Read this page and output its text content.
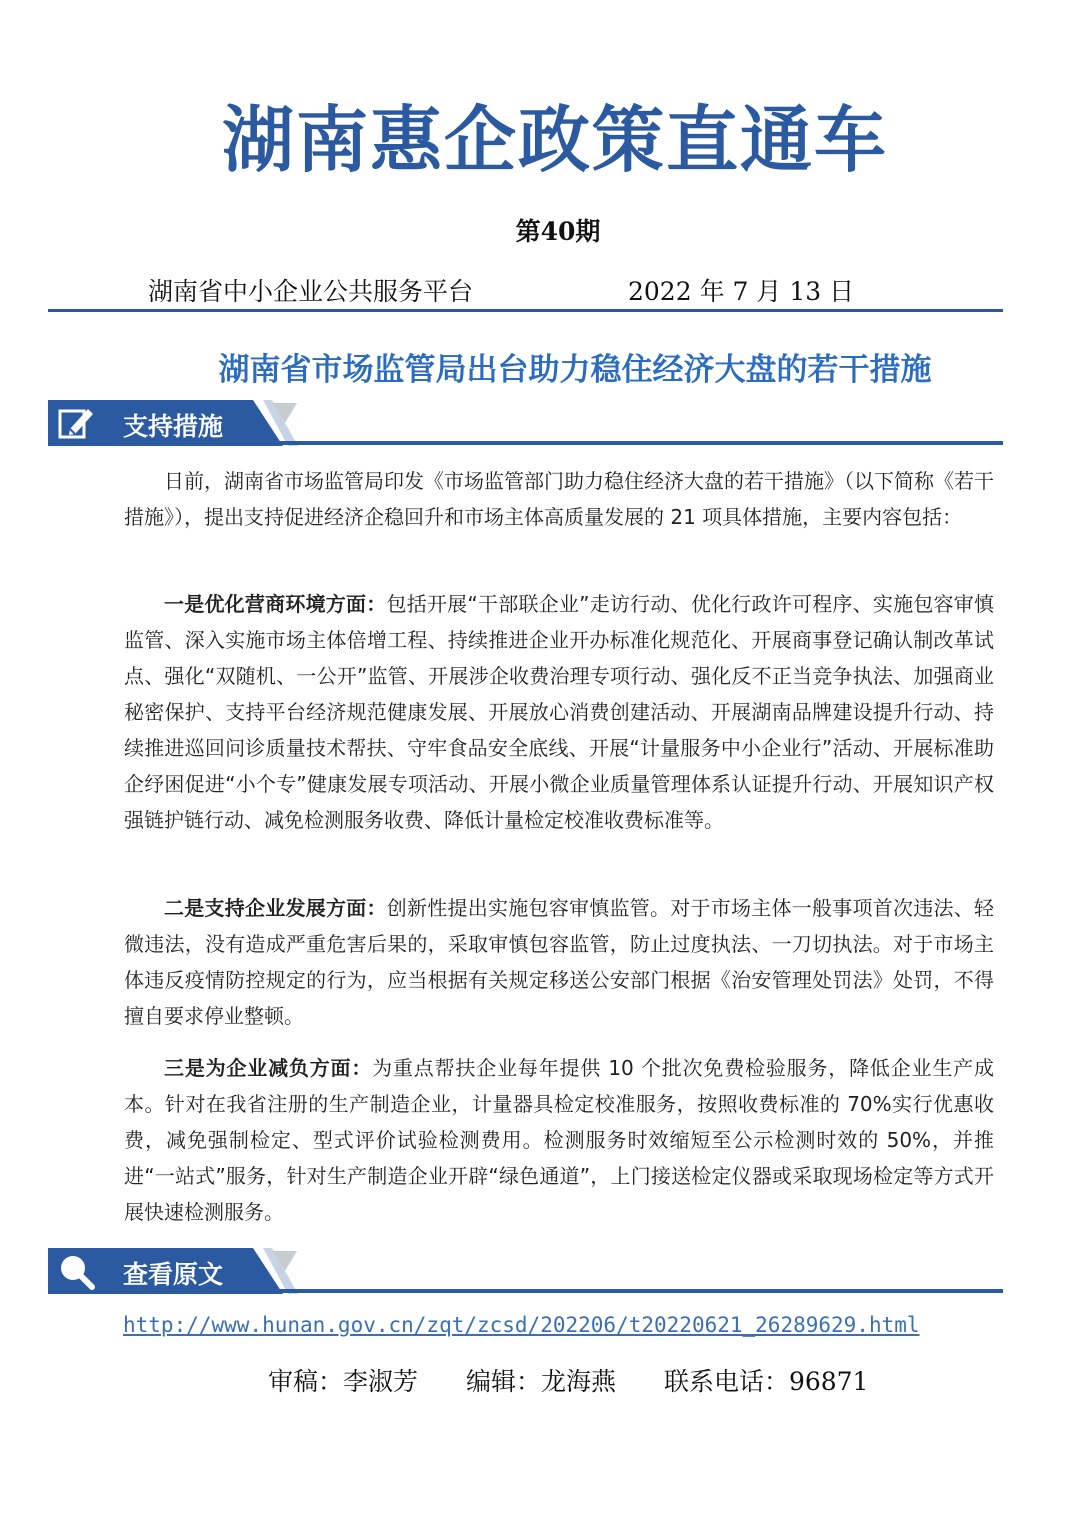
湖南惠企政策直通车
第40期
湖南省中小企业公共服务平台	2022 年 7 月 13 日
湖南省市场监管局出台助力稳住经济大盘的若干措施
支持措施

日前，湖南省市场监管局印发《市场监管部门助力稳住经济大盘的若干措施》（以下简称《若干措施》），提出支持促进经济企稳回升和市场主体高质量发展的 21 项具体措施，主要内容包括：

一是优化营商环境方面：包括开展“干部联企业”走访行动、优化行政许可程序、实施包容审慎监管、深入实施市场主体倍增工程、持续推进企业开办标准化规范化、开展商事登记确认制改革试点、强化“双随机、一公开”监管、开展涉企收费治理专项行动、强化反不正当竞争执法、加强商业秘密保护、支持平台经济规范健康发展、开展放心消费创建活动、开展湖南品牌建设提升行动、持续推进巡回问诊质量技术帮扶、守牢食品安全底线、开展“计量服务中小企业行”活动、开展标准助企纾困促进“小个专”健康发展专项活动、开展小微企业质量管理体系认证提升行动、开展知识产权强链护链行动、减免检测服务收费、降低计量检定校准收费标准等。

二是支持企业发展方面：创新性提出实施包容审慎监管。对于市场主体一般事项首次违法、轻微违法，没有造成严重危害后果的，采取审慎包容监管，防止过度执法、一刀切执法。对于市场主体违反疫情防控规定的行为，应当根据有关规定移送公安部门根据《治安管理处罚法》处罚，不得擅自要求停业整顿。

三是为企业减负方面：为重点帮扶企业每年提供 10 个批次免费检验服务，降低企业生产成本。针对在我省注册的生产制造企业，计量器具检定校准服务，按照收费标准的 70%实行优惠收费，减免强制检定、型式评价试验检测费用。检测服务时效缩短至公示检测时效的 50%，并推进“一站式”服务，针对生产制造企业开辟“绿色通道”，上门接送检定仪器或采取现场检定等方式开展快速检测服务。

查看原文
http://www.hunan.gov.cn/zqt/zcsd/202206/t20220621_26289629.html
审稿：李淑芳 编辑：龙海燕 联系电话：96871
